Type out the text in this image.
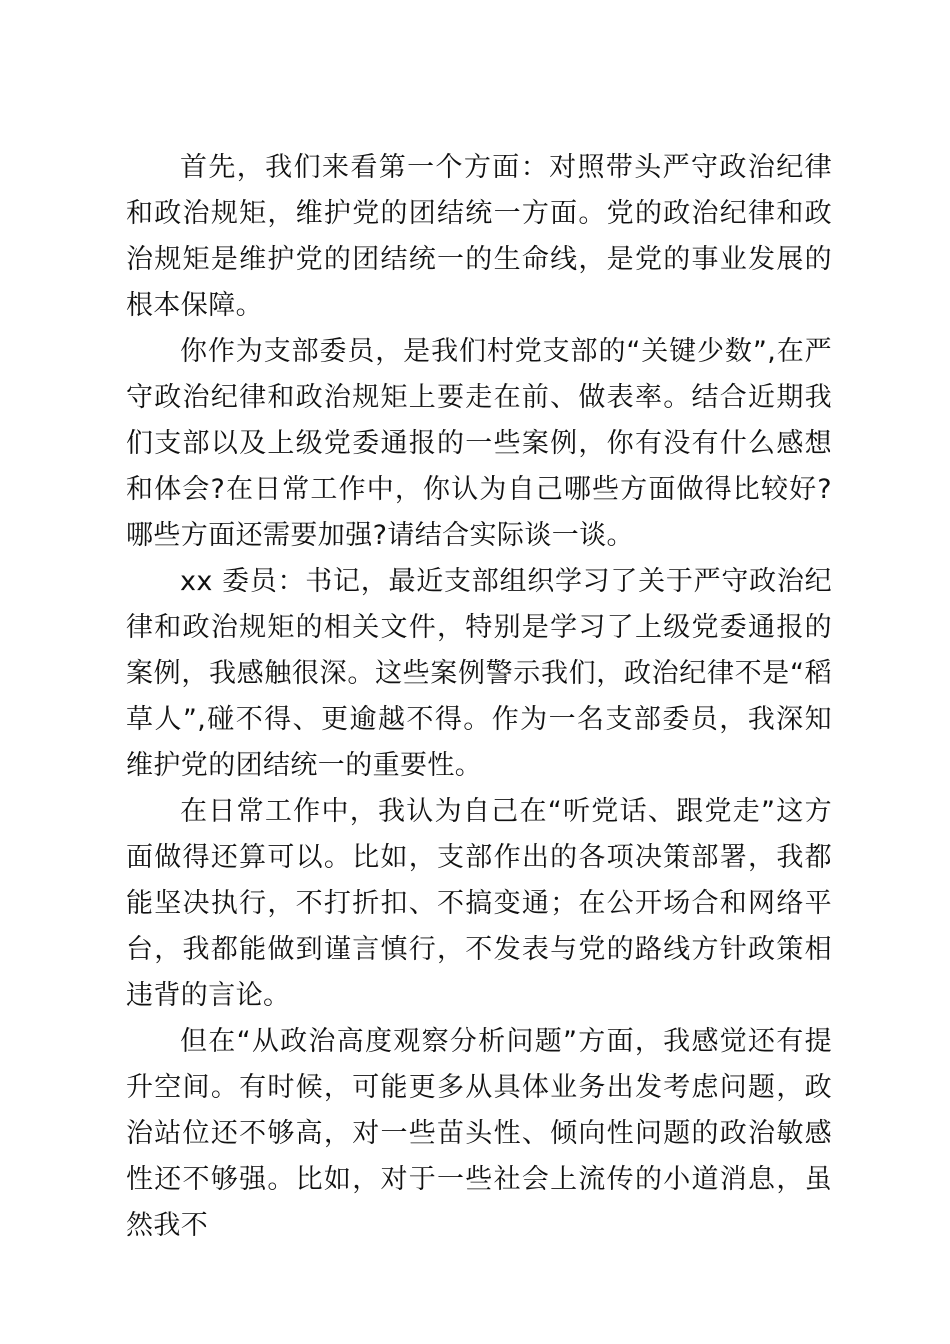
首先，我们来看第一个方面：对照带头严守政治纪律和政治规矩，维护党的团结统一方面。党的政治纪律和政治规矩是维护党的团结统一的生命线，是党的事业发展的根本保障。

你作为支部委员，是我们村党支部的“关键少数”,在严守政治纪律和政治规矩上要走在前、做表率。结合近期我们支部以及上级党委通报的一些案例，你有没有什么感想和体会?在日常工作中，你认为自己哪些方面做得比较好?哪些方面还需要加强?请结合实际谈一谈。

xx 委员：书记，最近支部组织学习了关于严守政治纪律和政治规矩的相关文件，特别是学习了上级党委通报的案例，我感触很深。这些案例警示我们，政治纪律不是“稻草人”,碰不得、更逾越不得。作为一名支部委员，我深知维护党的团结统一的重要性。

在日常工作中，我认为自己在“听党话、跟党走”这方面做得还算可以。比如，支部作出的各项决策部署，我都能坚决执行，不打折扣、不搞变通；在公开场合和网络平台，我都能做到谨言慎行，不发表与党的路线方针政策相违背的言论。

但在“从政治高度观察分析问题”方面，我感觉还有提升空间。有时候，可能更多从具体业务出发考虑问题，政治站位还不够高，对一些苗头性、倾向性问题的政治敏感性还不够强。比如，对于一些社会上流传的小道消息，虽然我不
